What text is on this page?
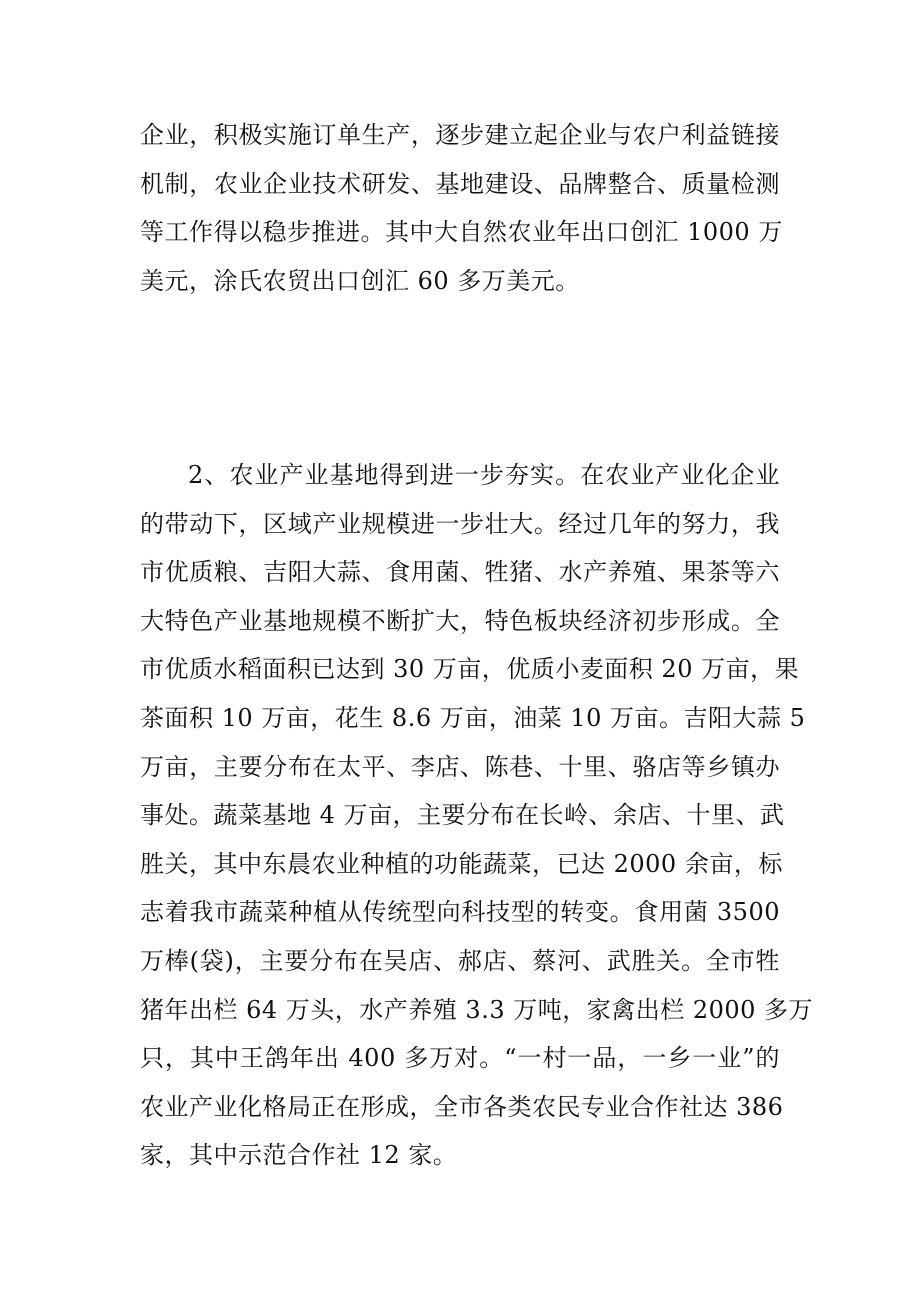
企业，积极实施订单生产，逐步建立起企业与农户利益链接
机制，农业企业技术研发、基地建设、品牌整合、质量检测
等工作得以稳步推进。其中大自然农业年出口创汇 1000 万
美元，涂氏农贸出口创汇 60 多万美元。
2、农业产业基地得到进一步夯实。在农业产业化企业
的带动下，区域产业规模进一步壮大。经过几年的努力，我
市优质粮、吉阳大蒜、食用菌、牲猪、水产养殖、果茶等六
大特色产业基地规模不断扩大，特色板块经济初步形成。全
市优质水稻面积已达到 30 万亩，优质小麦面积 20 万亩，果
茶面积 10 万亩，花生 8.6 万亩，油菜 10 万亩。吉阳大蒜 5
万亩，主要分布在太平、李店、陈巷、十里、骆店等乡镇办
事处。蔬菜基地 4 万亩，主要分布在长岭、余店、十里、武
胜关，其中东晨农业种植的功能蔬菜，已达 2000 余亩，标
志着我市蔬菜种植从传统型向科技型的转变。食用菌 3500
万棒(袋)，主要分布在吴店、郝店、蔡河、武胜关。全市牲
猪年出栏 64 万头，水产养殖 3.3 万吨，家禽出栏 2000 多万
只，其中王鸽年出 400 多万对。“一村一品，一乡一业”的
农业产业化格局正在形成，全市各类农民专业合作社达 386
家，其中示范合作社 12 家。
